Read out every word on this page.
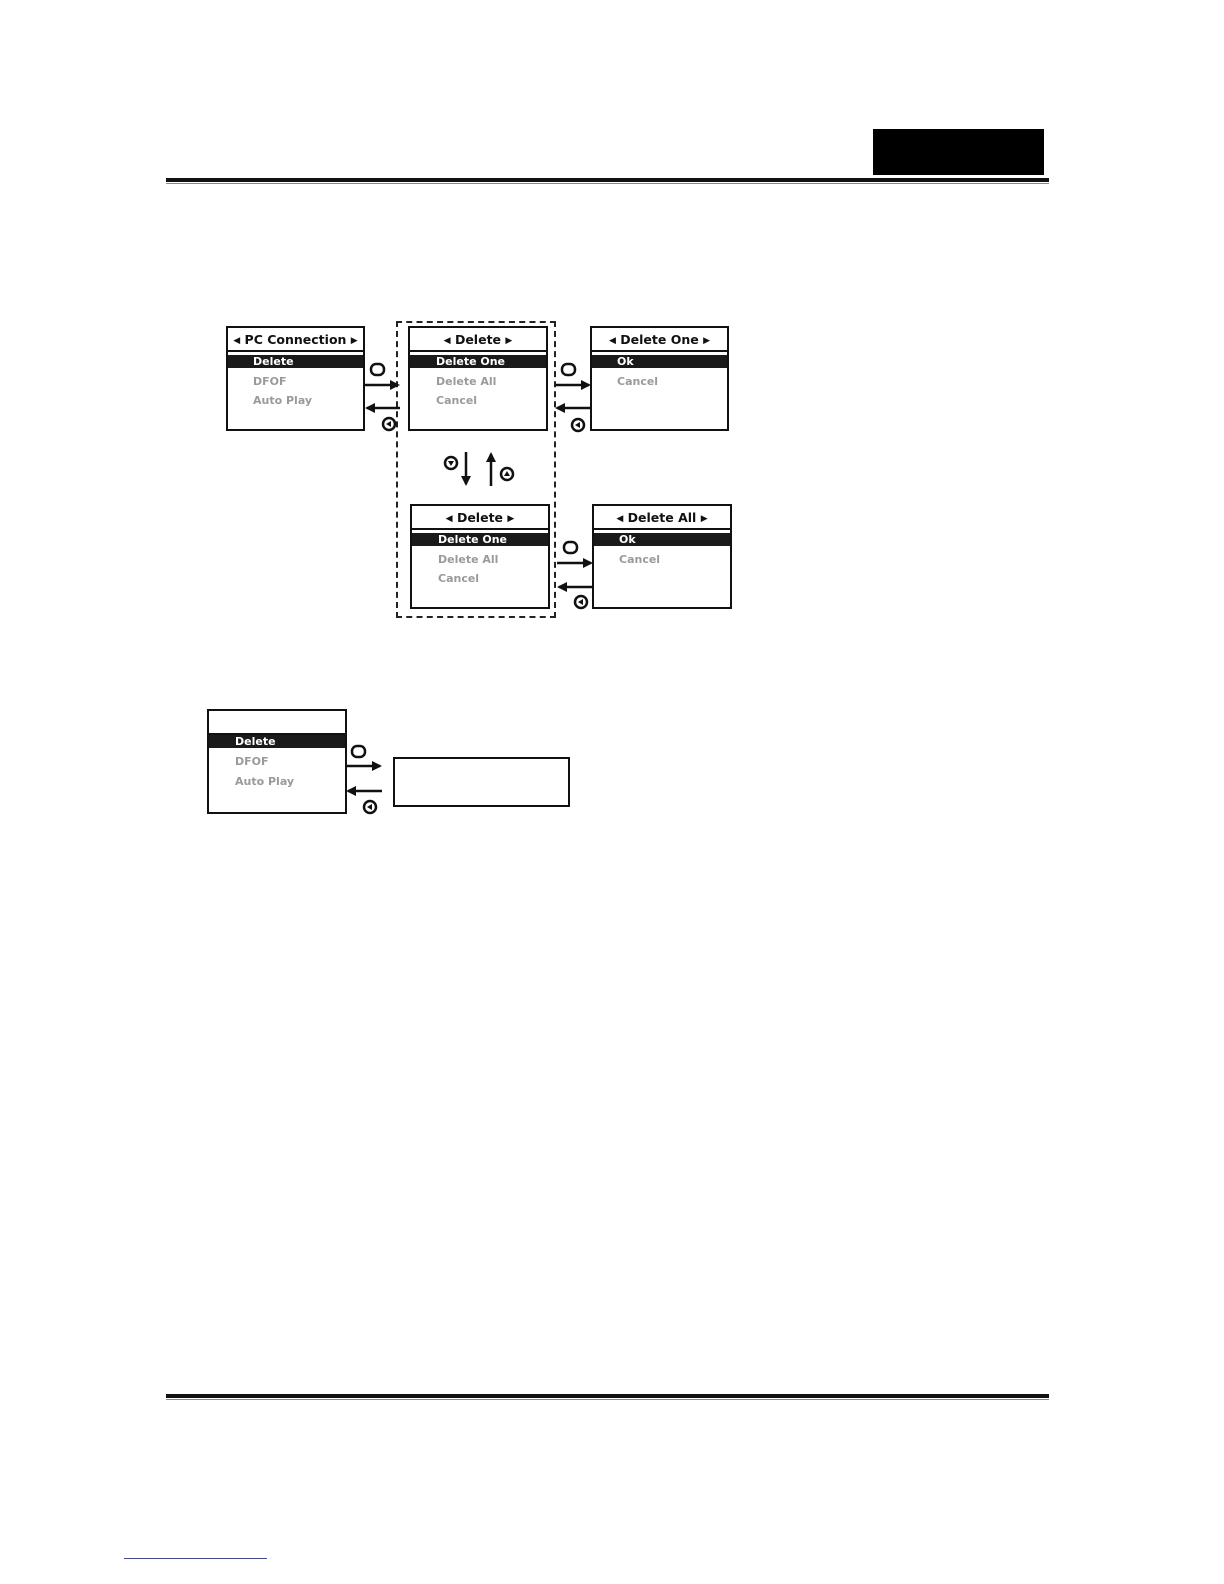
◀ PC Connection ▶
Delete
DFOF
Auto Play
◀ Delete ▶
Delete One
Delete All
Cancel
◀ Delete One ▶
Ok
Cancel
◀ Delete ▶
Delete One
Delete All
Cancel
◀ Delete All ▶
Ok
Cancel
Delete
DFOF
Auto Play
